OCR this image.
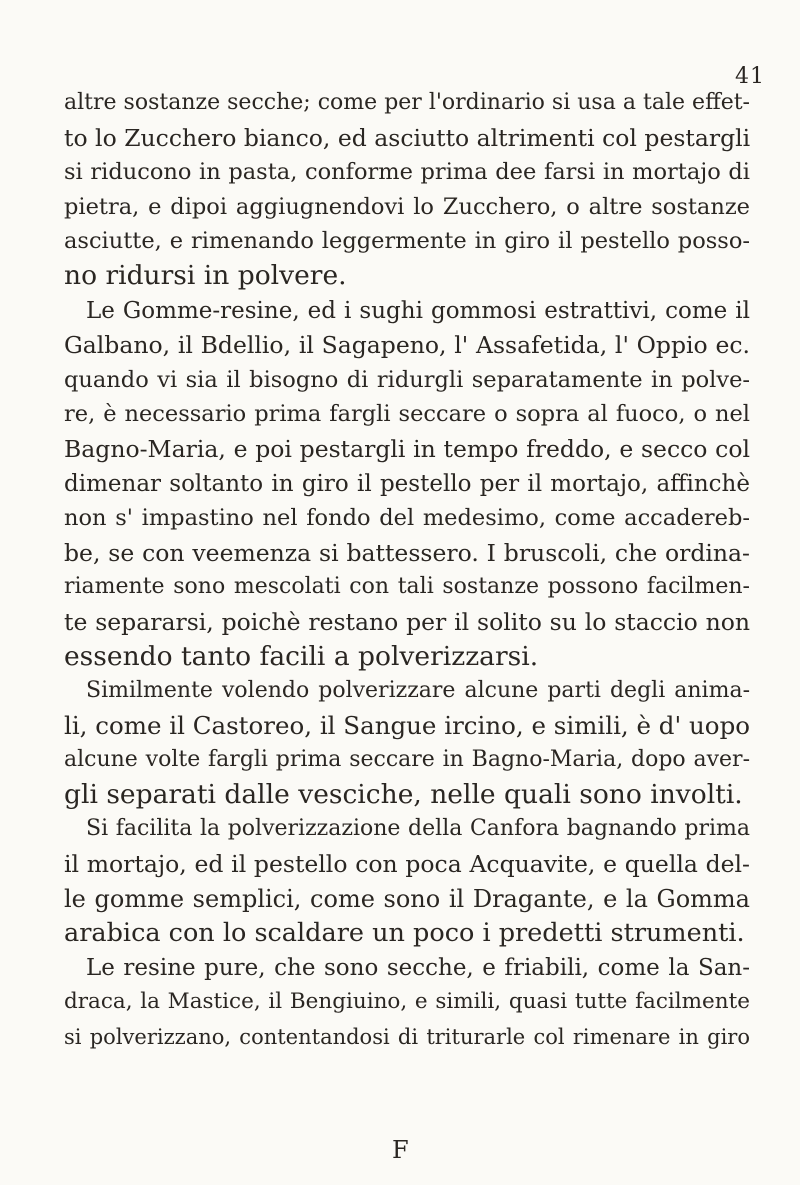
41
altre sostanze secche; come per l'ordinario si usa a tale effet-
to lo Zucchero bianco, ed asciutto altrimenti col pestargli
si riducono in pasta, conforme prima dee farsi in mortajo di
pietra, e dipoi aggiugnendovi lo Zucchero, o altre sostanze
asciutte, e rimenando leggermente in giro il pestello posso-
no ridursi in polvere.
Le Gomme-resine, ed i sughi gommosi estrattivi, come il
Galbano, il Bdellio, il Sagapeno, l' Assafetida, l' Oppio ec.
quando vi sia il bisogno di ridurgli separatamente in polve-
re, è necessario prima fargli seccare o sopra al fuoco, o nel
Bagno-Maria, e poi pestargli in tempo freddo, e secco col
dimenar soltanto in giro il pestello per il mortajo, affinchè
non s' impastino nel fondo del medesimo, come accadereb-
be, se con veemenza si battessero. I bruscoli, che ordina-
riamente sono mescolati con tali sostanze possono facilmen-
te separarsi, poichè restano per il solito su lo staccio non
essendo tanto facili a polverizzarsi.
Similmente volendo polverizzare alcune parti degli anima-
li, come il Castoreo, il Sangue ircino, e simili, è d' uopo
alcune volte fargli prima seccare in Bagno-Maria, dopo aver-
gli separati dalle vesciche, nelle quali sono involti.
Si facilita la polverizzazione della Canfora bagnando prima
il mortajo, ed il pestello con poca Acquavite, e quella del-
le gomme semplici, come sono il Dragante, e la Gomma
arabica con lo scaldare un poco i predetti strumenti.
Le resine pure, che sono secche, e friabili, come la San-
draca, la Mastice, il Bengiuino, e simili, quasi tutte facilmente
si polverizzano, contentandosi di triturarle col rimenare in giro
F
